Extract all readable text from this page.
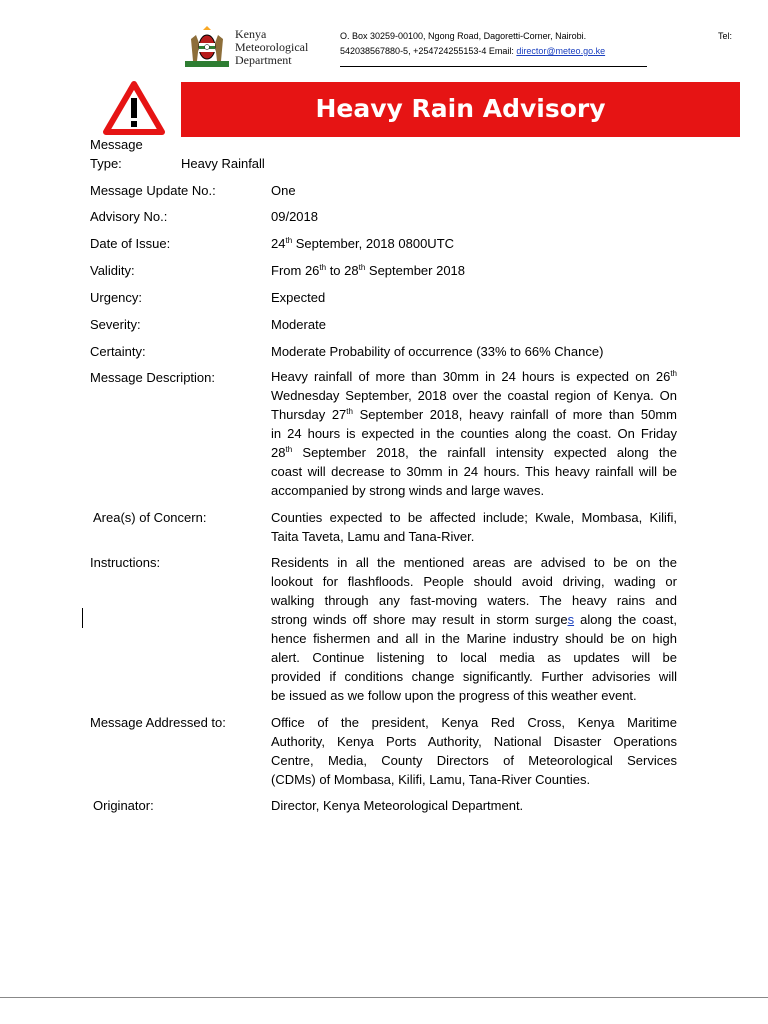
Kenya
Meteorological
Department
O. Box 30259-00100, Ngong Road, Dagoretti-Corner, Nairobi.	Tel:
542038567880-5, +254724255153-4 Email: director@meteo.go.ke
Heavy Rain Advisory
Message
Type:	Heavy Rainfall
Message Update No.:	One
Advisory No.:	09/2018
Date of Issue:	24th September, 2018 0800UTC
Validity:	From 26th to 28th September 2018
Urgency:	Expected
Severity:	Moderate
Certainty:	Moderate Probability of occurrence (33% to 66% Chance)
Message Description:	Heavy rainfall of more than 30mm in 24 hours is expected on 26th
Wednesday September, 2018 over the coastal region of Kenya. On
Thursday 27th September 2018, heavy rainfall of more than 50mm
in 24 hours is expected in the counties along the coast. On Friday
28th September 2018, the rainfall intensity expected along the
coast will decrease to 30mm in 24 hours. This heavy rainfall will be
accompanied by strong winds and large waves.
Area(s) of Concern:	Counties expected to be affected include; Kwale, Mombasa, Kilifi,
Taita Taveta, Lamu and Tana-River.
Instructions:	Residents in all the mentioned areas are advised to be on the
lookout for flashfloods. People should avoid driving, wading or
walking through any fast-moving waters. The heavy rains and
strong winds off shore may result in storm surges along the coast,
hence fishermen and all in the Marine industry should be on high
alert. Continue listening to local media as updates will be
provided if conditions change significantly. Further advisories will
be issued as we follow upon the progress of this weather event.
Message Addressed to:	Office of the president, Kenya Red Cross, Kenya Maritime
Authority, Kenya Ports Authority, National Disaster Operations
Centre, Media, County Directors of Meteorological Services
(CDMs) of Mombasa, Kilifi, Lamu, Tana-River Counties.
Originator:	Director, Kenya Meteorological Department.
